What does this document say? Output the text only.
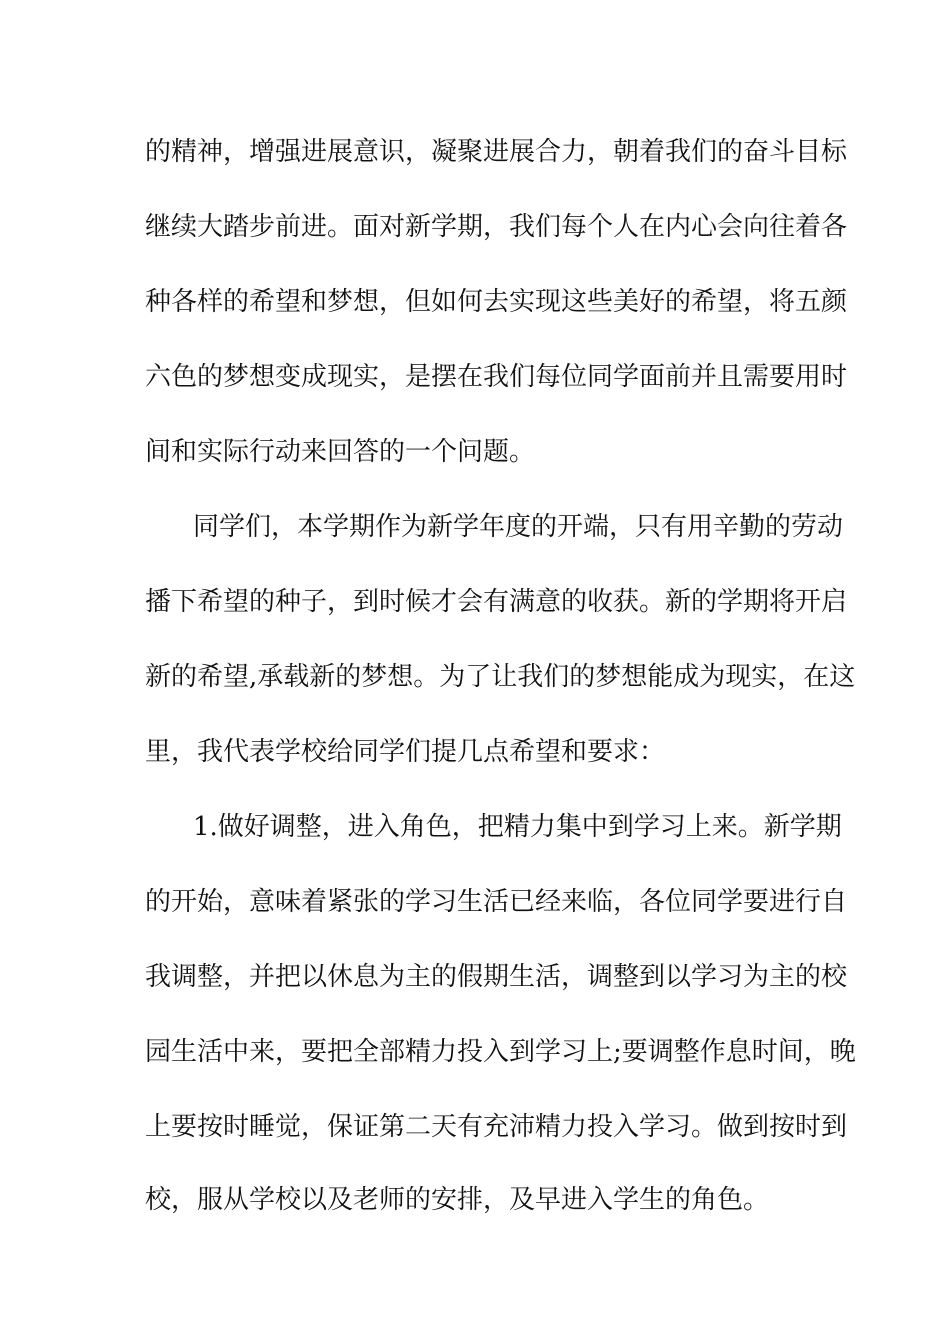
的精神，增强进展意识，凝聚进展合力，朝着我们的奋斗目标

继续大踏步前进。面对新学期，我们每个人在内心会向往着各

种各样的希望和梦想，但如何去实现这些美好的希望，将五颜

六色的梦想变成现实，是摆在我们每位同学面前并且需要用时

间和实际行动来回答的一个问题。

同学们，本学期作为新学年度的开端，只有用辛勤的劳动

播下希望的种子，到时候才会有满意的收获。新的学期将开启

新的希望,承载新的梦想。为了让我们的梦想能成为现实，在这

里，我代表学校给同学们提几点希望和要求：

1.做好调整，进入角色，把精力集中到学习上来。新学期

的开始，意味着紧张的学习生活已经来临，各位同学要进行自

我调整，并把以休息为主的假期生活，调整到以学习为主的校

园生活中来，要把全部精力投入到学习上;要调整作息时间，晚

上要按时睡觉，保证第二天有充沛精力投入学习。做到按时到

校，服从学校以及老师的安排，及早进入学生的角色。
